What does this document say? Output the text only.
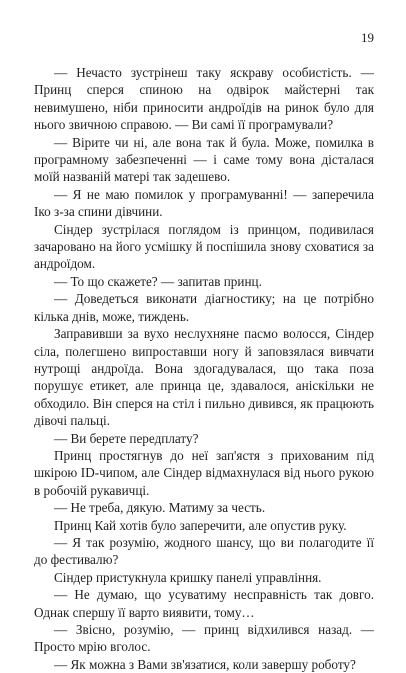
19

— Нечасто зустрінеш таку яскраву особистість. — Принц сперся спиною на одвірок майстерні так невимушено, ніби приносити андроїдів на ринок було для нього звичною справою. — Ви самі її програмували?

— Вірите чи ні, але вона так й була. Може, помилка в програмному забезпеченні — і саме тому вона дісталася моїй названій матері так задешево.

— Я не маю помилок у програмуванні! — заперечила Іко з-за спини дівчини.

Сіндер зустрілася поглядом із принцом, подивилася зачаровано на його усмішку й поспішила знову сховатися за андроїдом.

— То що скажете? — запитав принц.

— Доведеться виконати діагностику; на це потрібно кілька днів, може, тиждень.

Заправивши за вухо неслухняне пасмо волосся, Сіндер сіла, полегшено випроставши ногу й заповзялася вивчати нутрощі андроїда. Вона здогадувалася, що така поза порушує етикет, але принца це, здавалося, аніскільки не обходило. Він сперся на стіл і пильно дивився, як працюють дівочі пальці.

— Ви берете передплату?

Принц простягнув до неї зап'ястя з прихованим під шкірою ID-чипом, але Сіндер відмахнулася від нього рукою в робочій рукавичці.

— Не треба, дякую. Матиму за честь.

Принц Кай хотів було заперечити, але опустив руку.

— Я так розумію, жодного шансу, що ви полагодите її до фестивалю?

Сіндер пристукнула кришку панелі управління.

— Не думаю, що усуватиму несправність так довго. Однак спершу її варто виявити, тому…

— Звісно, розумію, — принц відхилився назад. — Просто мрію вголос.

— Як можна з Вами зв'язатися, коли завершу роботу?
